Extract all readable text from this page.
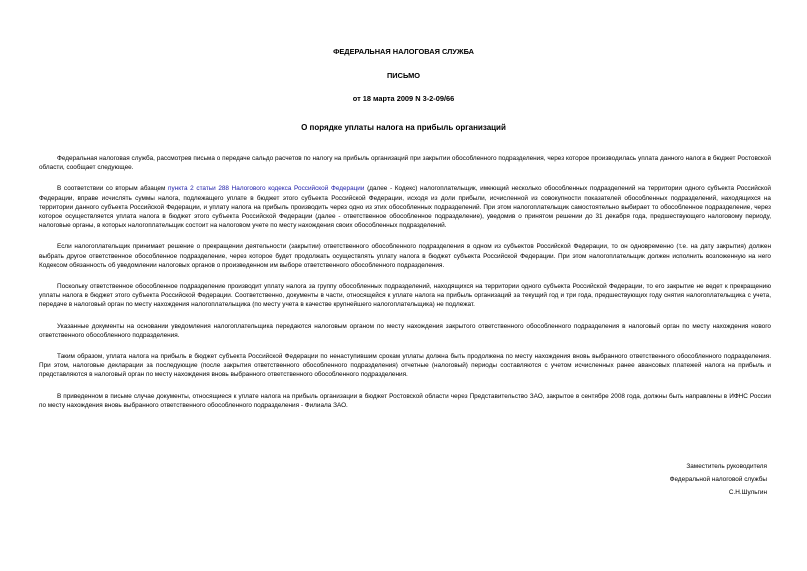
ФЕДЕРАЛЬНАЯ НАЛОГОВАЯ СЛУЖБА
ПИСЬМО
от 18 марта 2009 N 3-2-09/66
О порядке уплаты налога на прибыль организаций

Федеральная налоговая служба, рассмотрев письма о передаче сальдо расчетов по налогу на прибыль организаций при закрытии обособленного подразделения, через которое производилась уплата данного налога в бюджет Ростовской области, сообщает следующее.

В соответствии со вторым абзацем пункта 2 статьи 288 Налогового кодекса Российской Федерации (далее - Кодекс) налогоплательщик, имеющий несколько обособленных подразделений на территории одного субъекта Российской Федерации, вправе исчислять суммы налога, подлежащего уплате в бюджет этого субъекта Российской Федерации, исходя из доли прибыли, исчисленной из совокупности показателей обособленных подразделений, находящихся на территории данного субъекта Российской Федерации, и уплату налога на прибыль производить через одно из этих обособленных подразделений. При этом налогоплательщик самостоятельно выбирает то обособленное подразделение, через которое осуществляется уплата налога в бюджет этого субъекта Российской Федерации (далее - ответственное обособленное подразделение), уведомив о принятом решении до 31 декабря года, предшествующего налоговому периоду, налоговые органы, в которых налогоплательщик состоит на налоговом учете по месту нахождения своих обособленных подразделений.

Если налогоплательщик принимает решение о прекращении деятельности (закрытии) ответственного обособленного подразделения в одном из субъектов Российской Федерации, то он одновременно (т.е. на дату закрытия) должен выбрать другое ответственное обособленное подразделение, через которое будет продолжать осуществлять уплату налога в бюджет субъекта Российской Федерации. При этом налогоплательщик должен исполнить возложенную на него Кодексом обязанность об уведомлении налоговых органов о произведенном им выборе ответственного обособленного подразделения.

Поскольку ответственное обособленное подразделение производит уплату налога за группу обособленных подразделений, находящихся на территории одного субъекта Российской Федерации, то его закрытие не ведет к прекращению уплаты налога в бюджет этого субъекта Российской Федерации. Соответственно, документы в части, относящейся к уплате налога на прибыль организаций за текущий год и три года, предшествующих году снятия налогоплательщика с учета, передаче в налоговый орган по месту нахождения налогоплательщика (по месту учета в качестве крупнейшего налогоплательщика) не подлежат.

Указанные документы на основании уведомления налогоплательщика передаются налоговым органом по месту нахождения закрытого ответственного обособленного подразделения в налоговый орган по месту нахождения нового ответственного обособленного подразделения.

Таким образом, уплата налога на прибыль в бюджет субъекта Российской Федерации по ненаступившим срокам уплаты должна быть продолжена по месту нахождения вновь выбранного ответственного обособленного подразделения. При этом, налоговые декларации за последующие (после закрытия ответственного обособленного подразделения) отчетные (налоговый) периоды составляются с учетом исчисленных ранее авансовых платежей налога на прибыль и представляются в налоговый орган по месту нахождения вновь выбранного ответственного обособленного подразделения.

В приведенном в письме случае документы, относящиеся к уплате налога на прибыль организации в бюджет Ростовской области через Представительство ЗАО, закрытое в сентябре 2008 года, должны быть направлены в ИФНС России по месту нахождения вновь выбранного ответственного обособленного подразделения - Филиала ЗАО.

Заместитель руководителя
Федеральной налоговой службы
С.Н.Шульгин
